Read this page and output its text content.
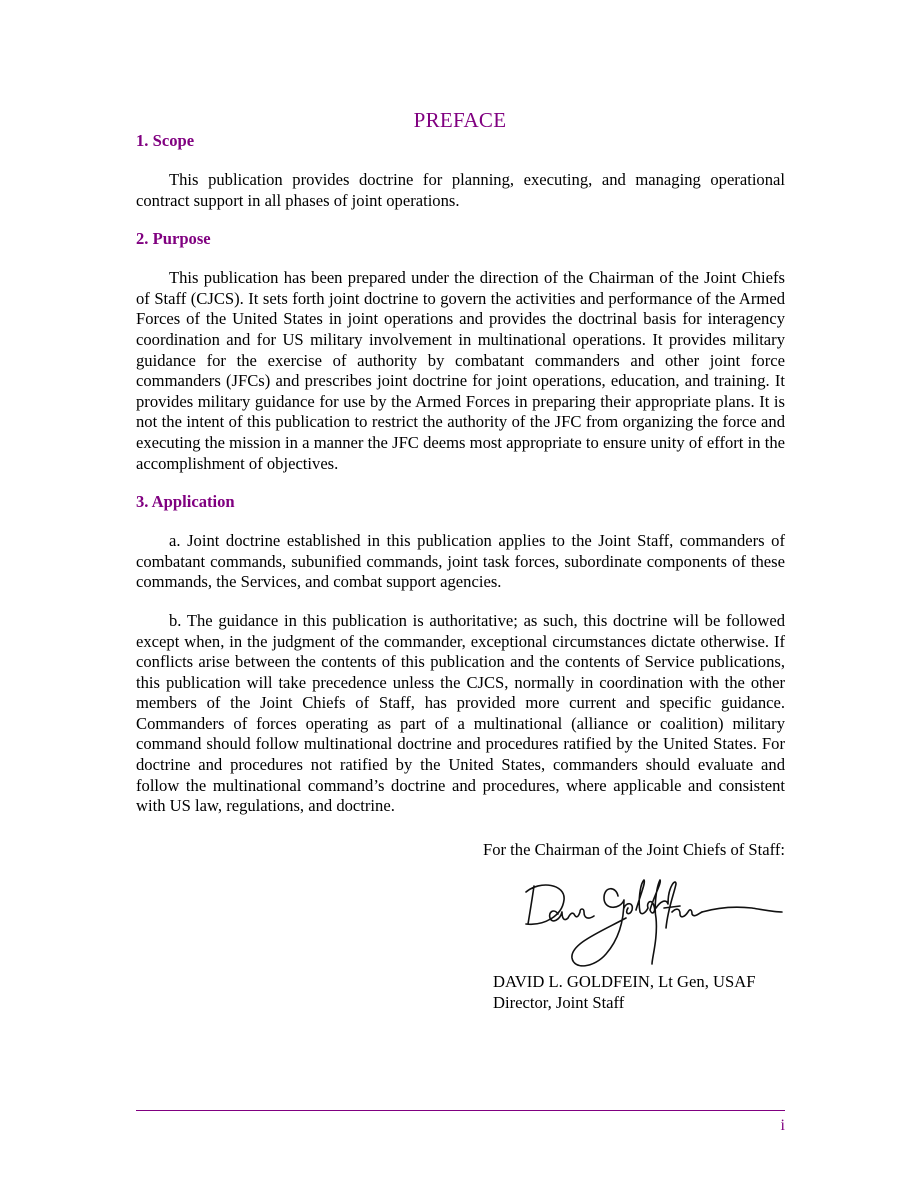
PREFACE
1. Scope

This publication provides doctrine for planning, executing, and managing operational contract support in all phases of joint operations.

2. Purpose

This publication has been prepared under the direction of the Chairman of the Joint Chiefs of Staff (CJCS). It sets forth joint doctrine to govern the activities and performance of the Armed Forces of the United States in joint operations and provides the doctrinal basis for interagency coordination and for US military involvement in multinational operations. It provides military guidance for the exercise of authority by combatant commanders and other joint force commanders (JFCs) and prescribes joint doctrine for joint operations, education, and training. It provides military guidance for use by the Armed Forces in preparing their appropriate plans. It is not the intent of this publication to restrict the authority of the JFC from organizing the force and executing the mission in a manner the JFC deems most appropriate to ensure unity of effort in the accomplishment of objectives.

3. Application

a. Joint doctrine established in this publication applies to the Joint Staff, commanders of combatant commands, subunified commands, joint task forces, subordinate components of these commands, the Services, and combat support agencies.

b. The guidance in this publication is authoritative; as such, this doctrine will be followed except when, in the judgment of the commander, exceptional circumstances dictate otherwise. If conflicts arise between the contents of this publication and the contents of Service publications, this publication will take precedence unless the CJCS, normally in coordination with the other members of the Joint Chiefs of Staff, has provided more current and specific guidance. Commanders of forces operating as part of a multinational (alliance or coalition) military command should follow multinational doctrine and procedures ratified by the United States. For doctrine and procedures not ratified by the United States, commanders should evaluate and follow the multinational command’s doctrine and procedures, where applicable and consistent with US law, regulations, and doctrine.

For the Chairman of the Joint Chiefs of Staff:
DAVID L. GOLDFEIN, Lt Gen, USAF
Director, Joint Staff
i
